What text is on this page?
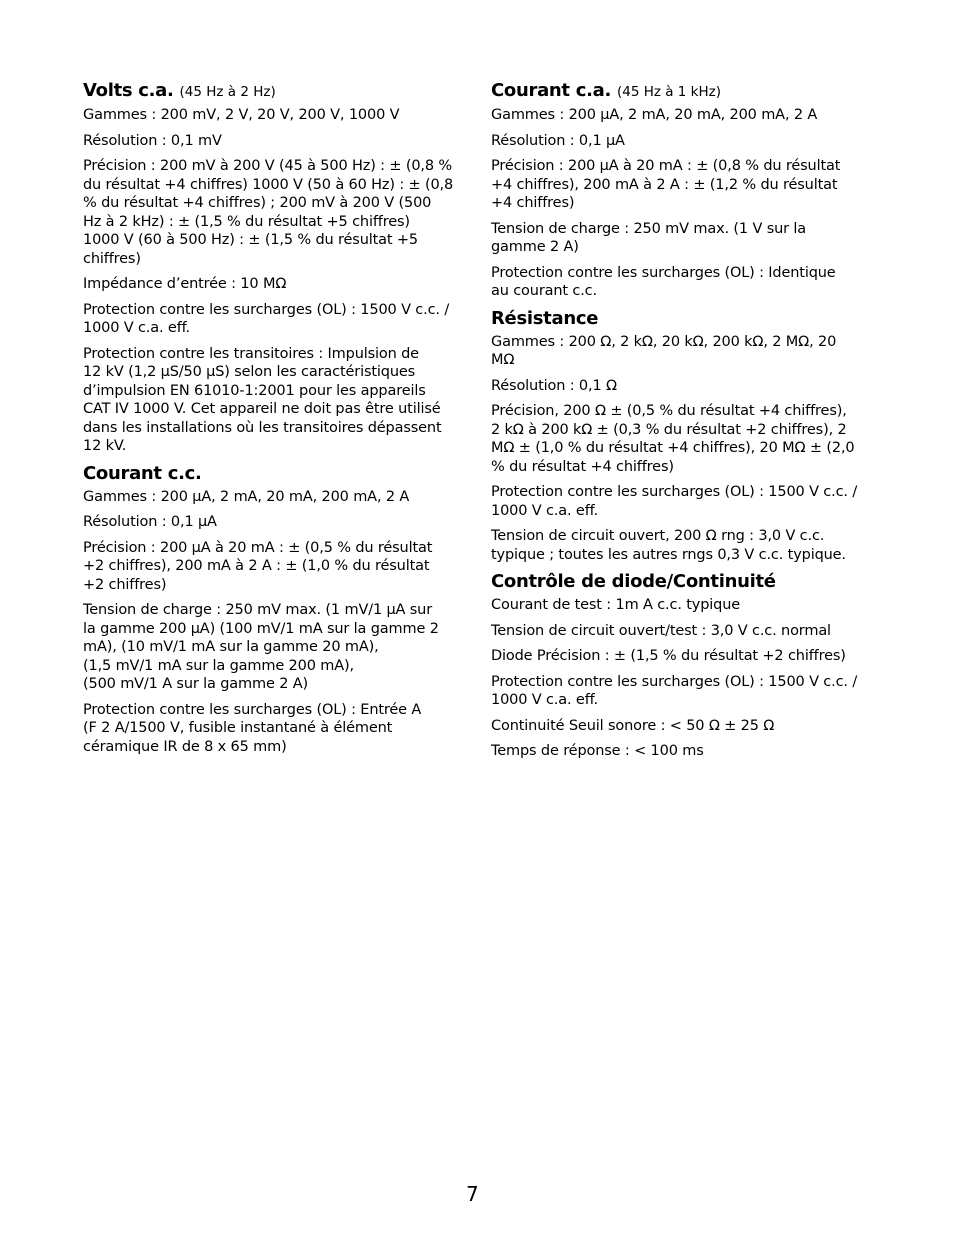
Volts c.a. (45 Hz à 2 Hz)

Gammes : 200 mV, 2 V, 20 V, 200 V, 1000 V

Résolution : 0,1 mV

Précision : 200 mV à 200 V (45 à 500 Hz) : ± (0,8 %
du résultat +4 chiffres) 1000 V (50 à 60 Hz) : ± (0,8
% du résultat +4 chiffres) ; 200 mV à 200 V (500
Hz à 2 kHz) : ± (1,5 % du résultat +5 chiffres)
1000 V (60 à 500 Hz) : ± (1,5 % du résultat +5
chiffres)

Impédance d’entrée : 10 MΩ

Protection contre les surcharges (OL) : 1500 V c.c. /
1000 V c.a. eff.

Protection contre les transitoires : Impulsion de
12 kV (1,2 µS/50 µS) selon les caractéristiques
d’impulsion EN 61010-1:2001 pour les appareils
CAT IV 1000 V. Cet appareil ne doit pas être utilisé
dans les installations où les transitoires dépassent
12 kV.

Courant c.c.

Gammes : 200 µA, 2 mA, 20 mA, 200 mA, 2 A

Résolution : 0,1 µA

Précision : 200 µA à 20 mA : ± (0,5 % du résultat
+2 chiffres), 200 mA à 2 A : ± (1,0 % du résultat
+2 chiffres)

Tension de charge : 250 mV max. (1 mV/1 µA sur
la gamme 200 µA) (100 mV/1 mA sur la gamme 2
mA), (10 mV/1 mA sur la gamme 20 mA),
(1,5 mV/1 mA sur la gamme 200 mA),
(500 mV/1 A sur la gamme 2 A)

Protection contre les surcharges (OL) : Entrée A
(F 2 A/1500 V, fusible instantané à élément
céramique IR de 8 x 65 mm)

Courant c.a. (45 Hz à 1 kHz)

Gammes : 200 µA, 2 mA, 20 mA, 200 mA, 2 A

Résolution : 0,1 µA

Précision : 200 µA à 20 mA : ± (0,8 % du résultat
+4 chiffres), 200 mA à 2 A : ± (1,2 % du résultat
+4 chiffres)

Tension de charge : 250 mV max. (1 V sur la
gamme 2 A)

Protection contre les surcharges (OL) : Identique
au courant c.c.

Résistance

Gammes : 200 Ω, 2 kΩ, 20 kΩ, 200 kΩ, 2 MΩ, 20
MΩ

Résolution : 0,1 Ω

Précision, 200 Ω ± (0,5 % du résultat +4 chiffres),
2 kΩ à 200 kΩ ± (0,3 % du résultat +2 chiffres), 2
MΩ ± (1,0 % du résultat +4 chiffres), 20 MΩ ± (2,0
% du résultat +4 chiffres)

Protection contre les surcharges (OL) : 1500 V c.c. /
1000 V c.a. eff.

Tension de circuit ouvert, 200 Ω rng : 3,0 V c.c.
typique ; toutes les autres rngs 0,3 V c.c. typique.

Contrôle de diode/Continuité

Courant de test : 1m A c.c. typique

Tension de circuit ouvert/test : 3,0 V c.c. normal

Diode Précision : ± (1,5 % du résultat +2 chiffres)

Protection contre les surcharges (OL) : 1500 V c.c. /
1000 V c.a. eff.

Continuité Seuil sonore : < 50 Ω ± 25 Ω

Temps de réponse : < 100 ms

7
